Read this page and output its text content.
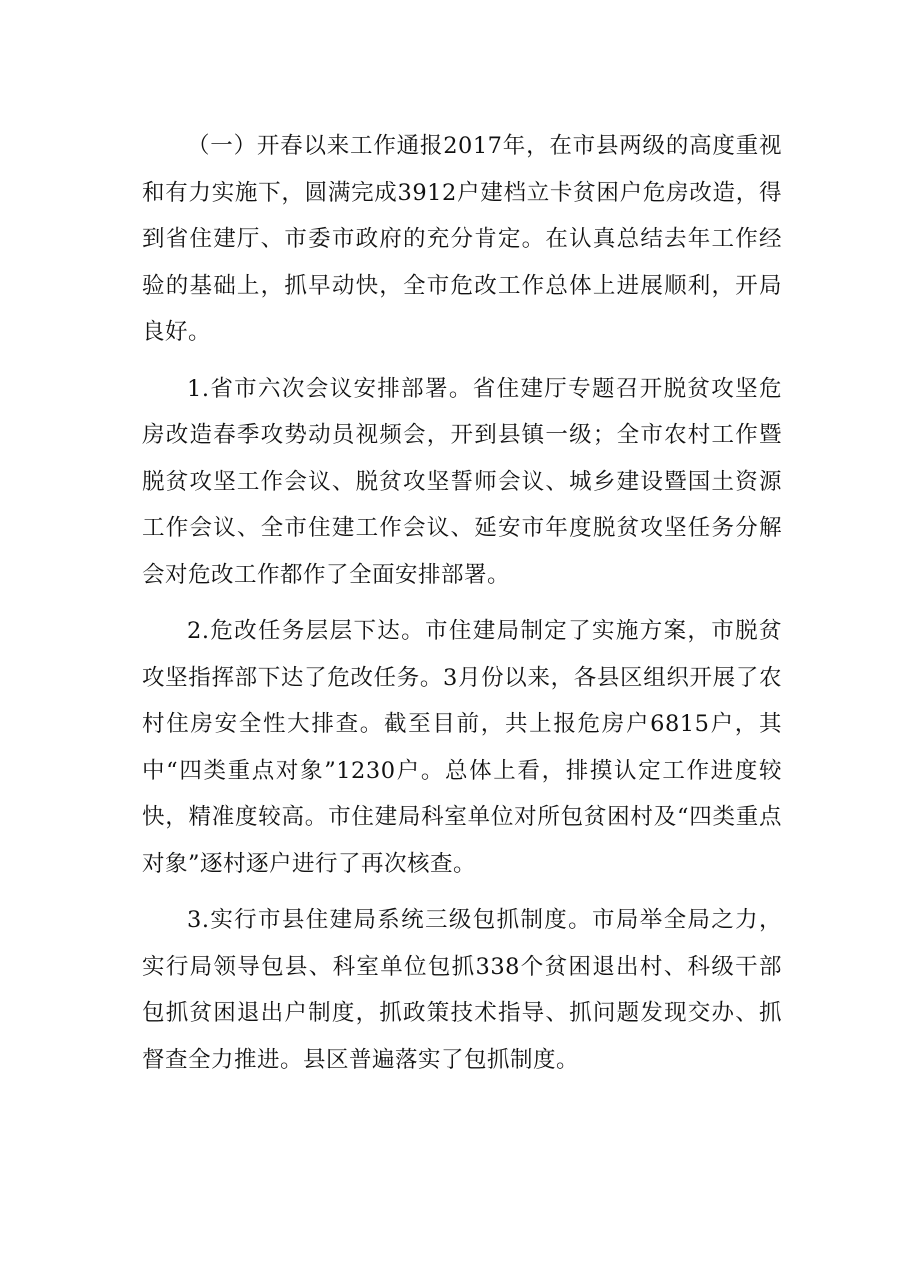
（一）开春以来工作通报2017年，在市县两级的高度重视和有力实施下，圆满完成3912户建档立卡贫困户危房改造，得到省住建厅、市委市政府的充分肯定。在认真总结去年工作经验的基础上，抓早动快，全市危改工作总体上进展顺利，开局良好。

1.省市六次会议安排部署。省住建厅专题召开脱贫攻坚危房改造春季攻势动员视频会，开到县镇一级；全市农村工作暨脱贫攻坚工作会议、脱贫攻坚誓师会议、城乡建设暨国土资源工作会议、全市住建工作会议、延安市年度脱贫攻坚任务分解会对危改工作都作了全面安排部署。

2.危改任务层层下达。市住建局制定了实施方案，市脱贫攻坚指挥部下达了危改任务。3月份以来，各县区组织开展了农村住房安全性大排查。截至目前，共上报危房户6815户，其中“四类重点对象”1230户。总体上看，排摸认定工作进度较快，精准度较高。市住建局科室单位对所包贫困村及“四类重点对象”逐村逐户进行了再次核查。

3.实行市县住建局系统三级包抓制度。市局举全局之力，实行局领导包县、科室单位包抓338个贫困退出村、科级干部包抓贫困退出户制度，抓政策技术指导、抓问题发现交办、抓督查全力推进。县区普遍落实了包抓制度。
